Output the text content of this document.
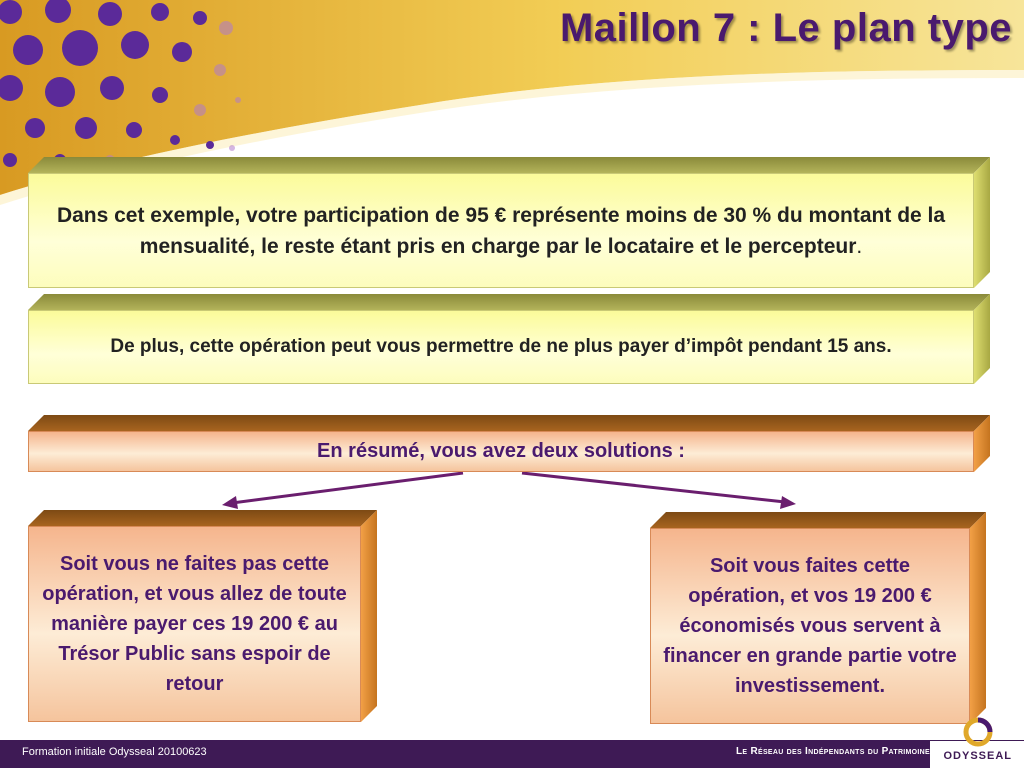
Maillon 7 : Le plan type
Dans cet exemple, votre participation de 95 € représente moins de 30 % du montant de la mensualité, le reste étant pris en charge par le locataire et le percepteur.
De plus, cette opération peut vous permettre de ne plus payer d’impôt pendant 15 ans.
En résumé, vous avez deux solutions :
Soit vous ne faites pas cette opération, et vous allez de toute manière payer ces 19 200 € au Trésor Public sans espoir de retour
Soit vous faites cette opération, et vos 19 200 € économisés vous servent à financer en grande partie votre investissement.
Formation initiale Odysseal 20100623	Le Réseau des Indépendants du Patrimoine ODYSSEAL
